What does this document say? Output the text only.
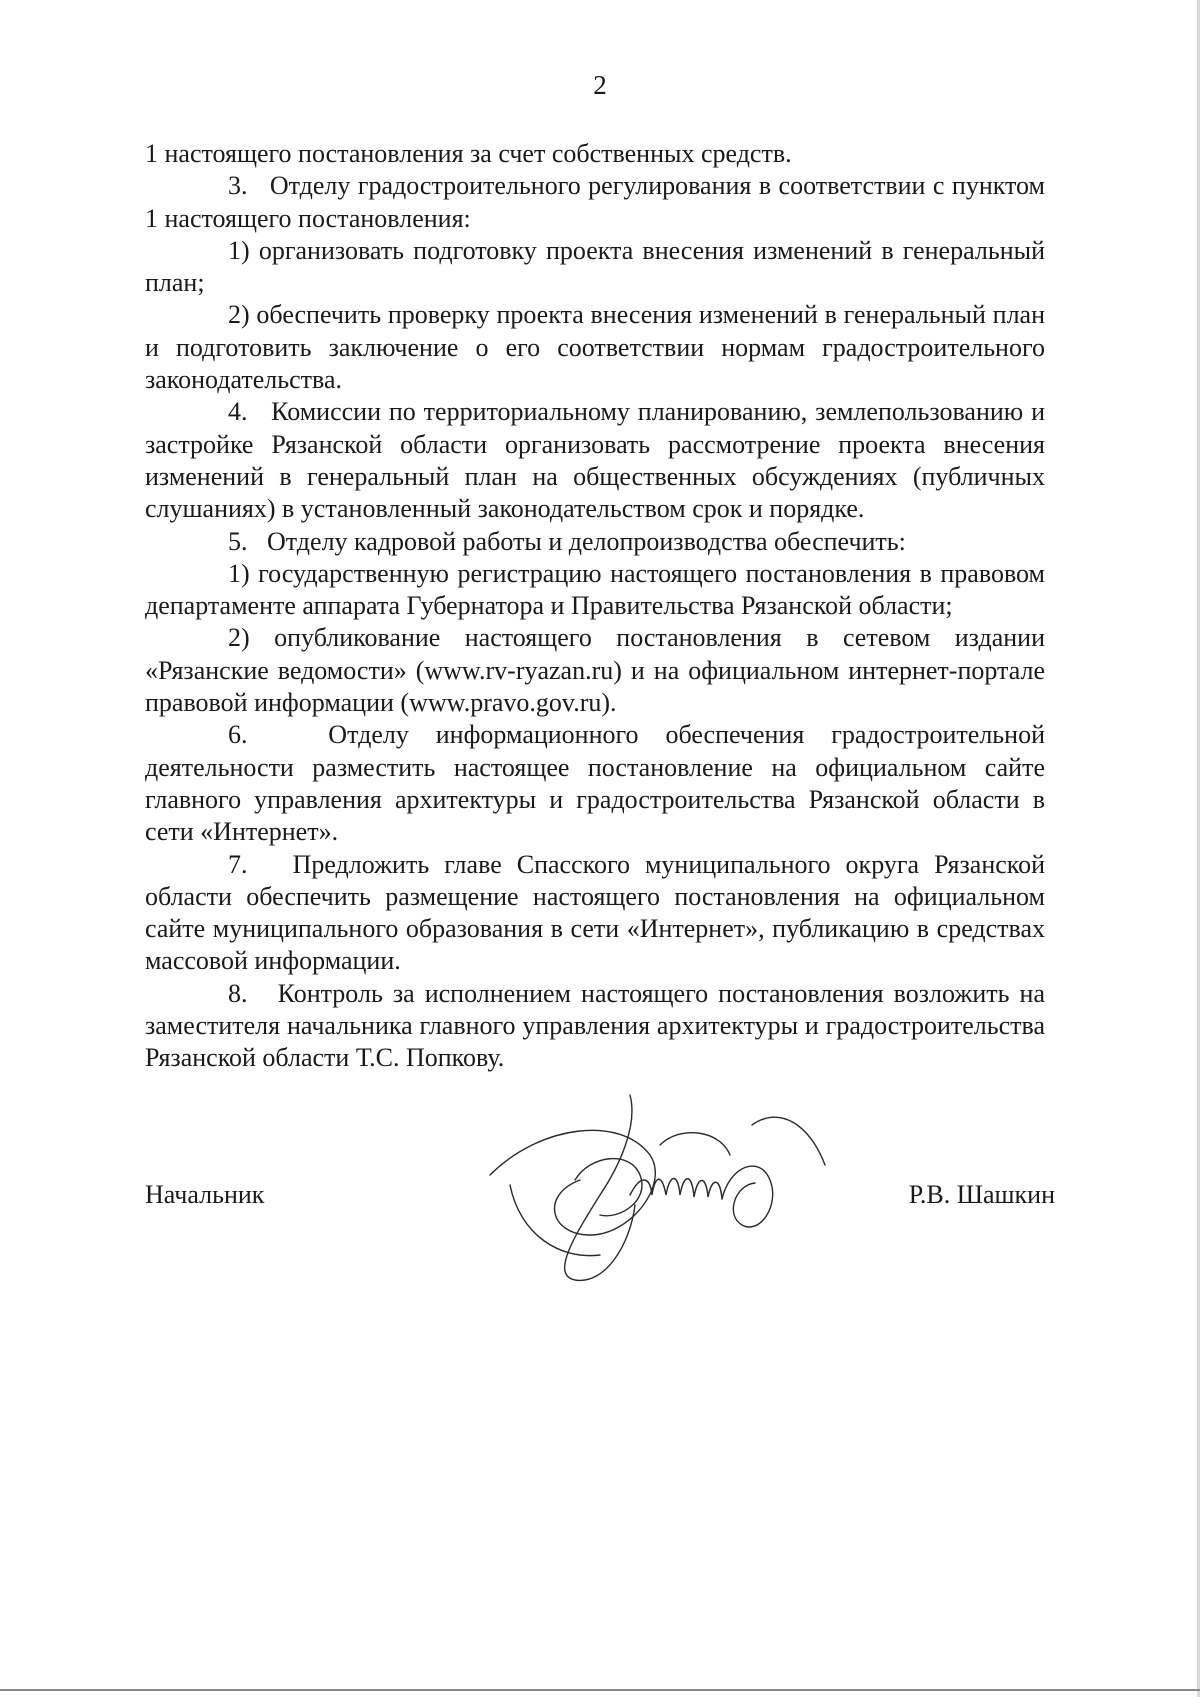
2

1 настоящего постановления за счет собственных средств.

3.   Отделу градостроительного регулирования в соответствии с пунктом 1 настоящего постановления:

1) организовать подготовку проекта внесения изменений в генеральный план;

2) обеспечить проверку проекта внесения изменений в генеральный план и подготовить заключение о его соответствии нормам градостроительного законодательства.

4.   Комиссии по территориальному планированию, землепользованию и застройке Рязанской области организовать рассмотрение проекта внесения изменений в генеральный план на общественных обсуждениях (публичных слушаниях) в установленный законодательством срок и порядке.

5.   Отделу кадровой работы и делопроизводства обеспечить:

1) государственную регистрацию настоящего постановления в правовом департаменте аппарата Губернатора и Правительства Рязанской области;

2) опубликование настоящего постановления в сетевом издании «Рязанские ведомости» (www.rv-ryazan.ru) и на официальном интернет-портале правовой информации (www.pravo.gov.ru).

6.   Отделу информационного обеспечения градостроительной деятельности разместить настоящее постановление на официальном сайте главного управления архитектуры и градостроительства Рязанской области в сети «Интернет».

7.   Предложить главе Спасского муниципального округа Рязанской области обеспечить размещение настоящего постановления на официальном сайте муниципального образования в сети «Интернет», публикацию в средствах массовой информации.

8.   Контроль за исполнением настоящего постановления возложить на заместителя начальника главного управления архитектуры и градостроительства Рязанской области Т.С. Попкову.

Начальник	Р.В. Шашкин
